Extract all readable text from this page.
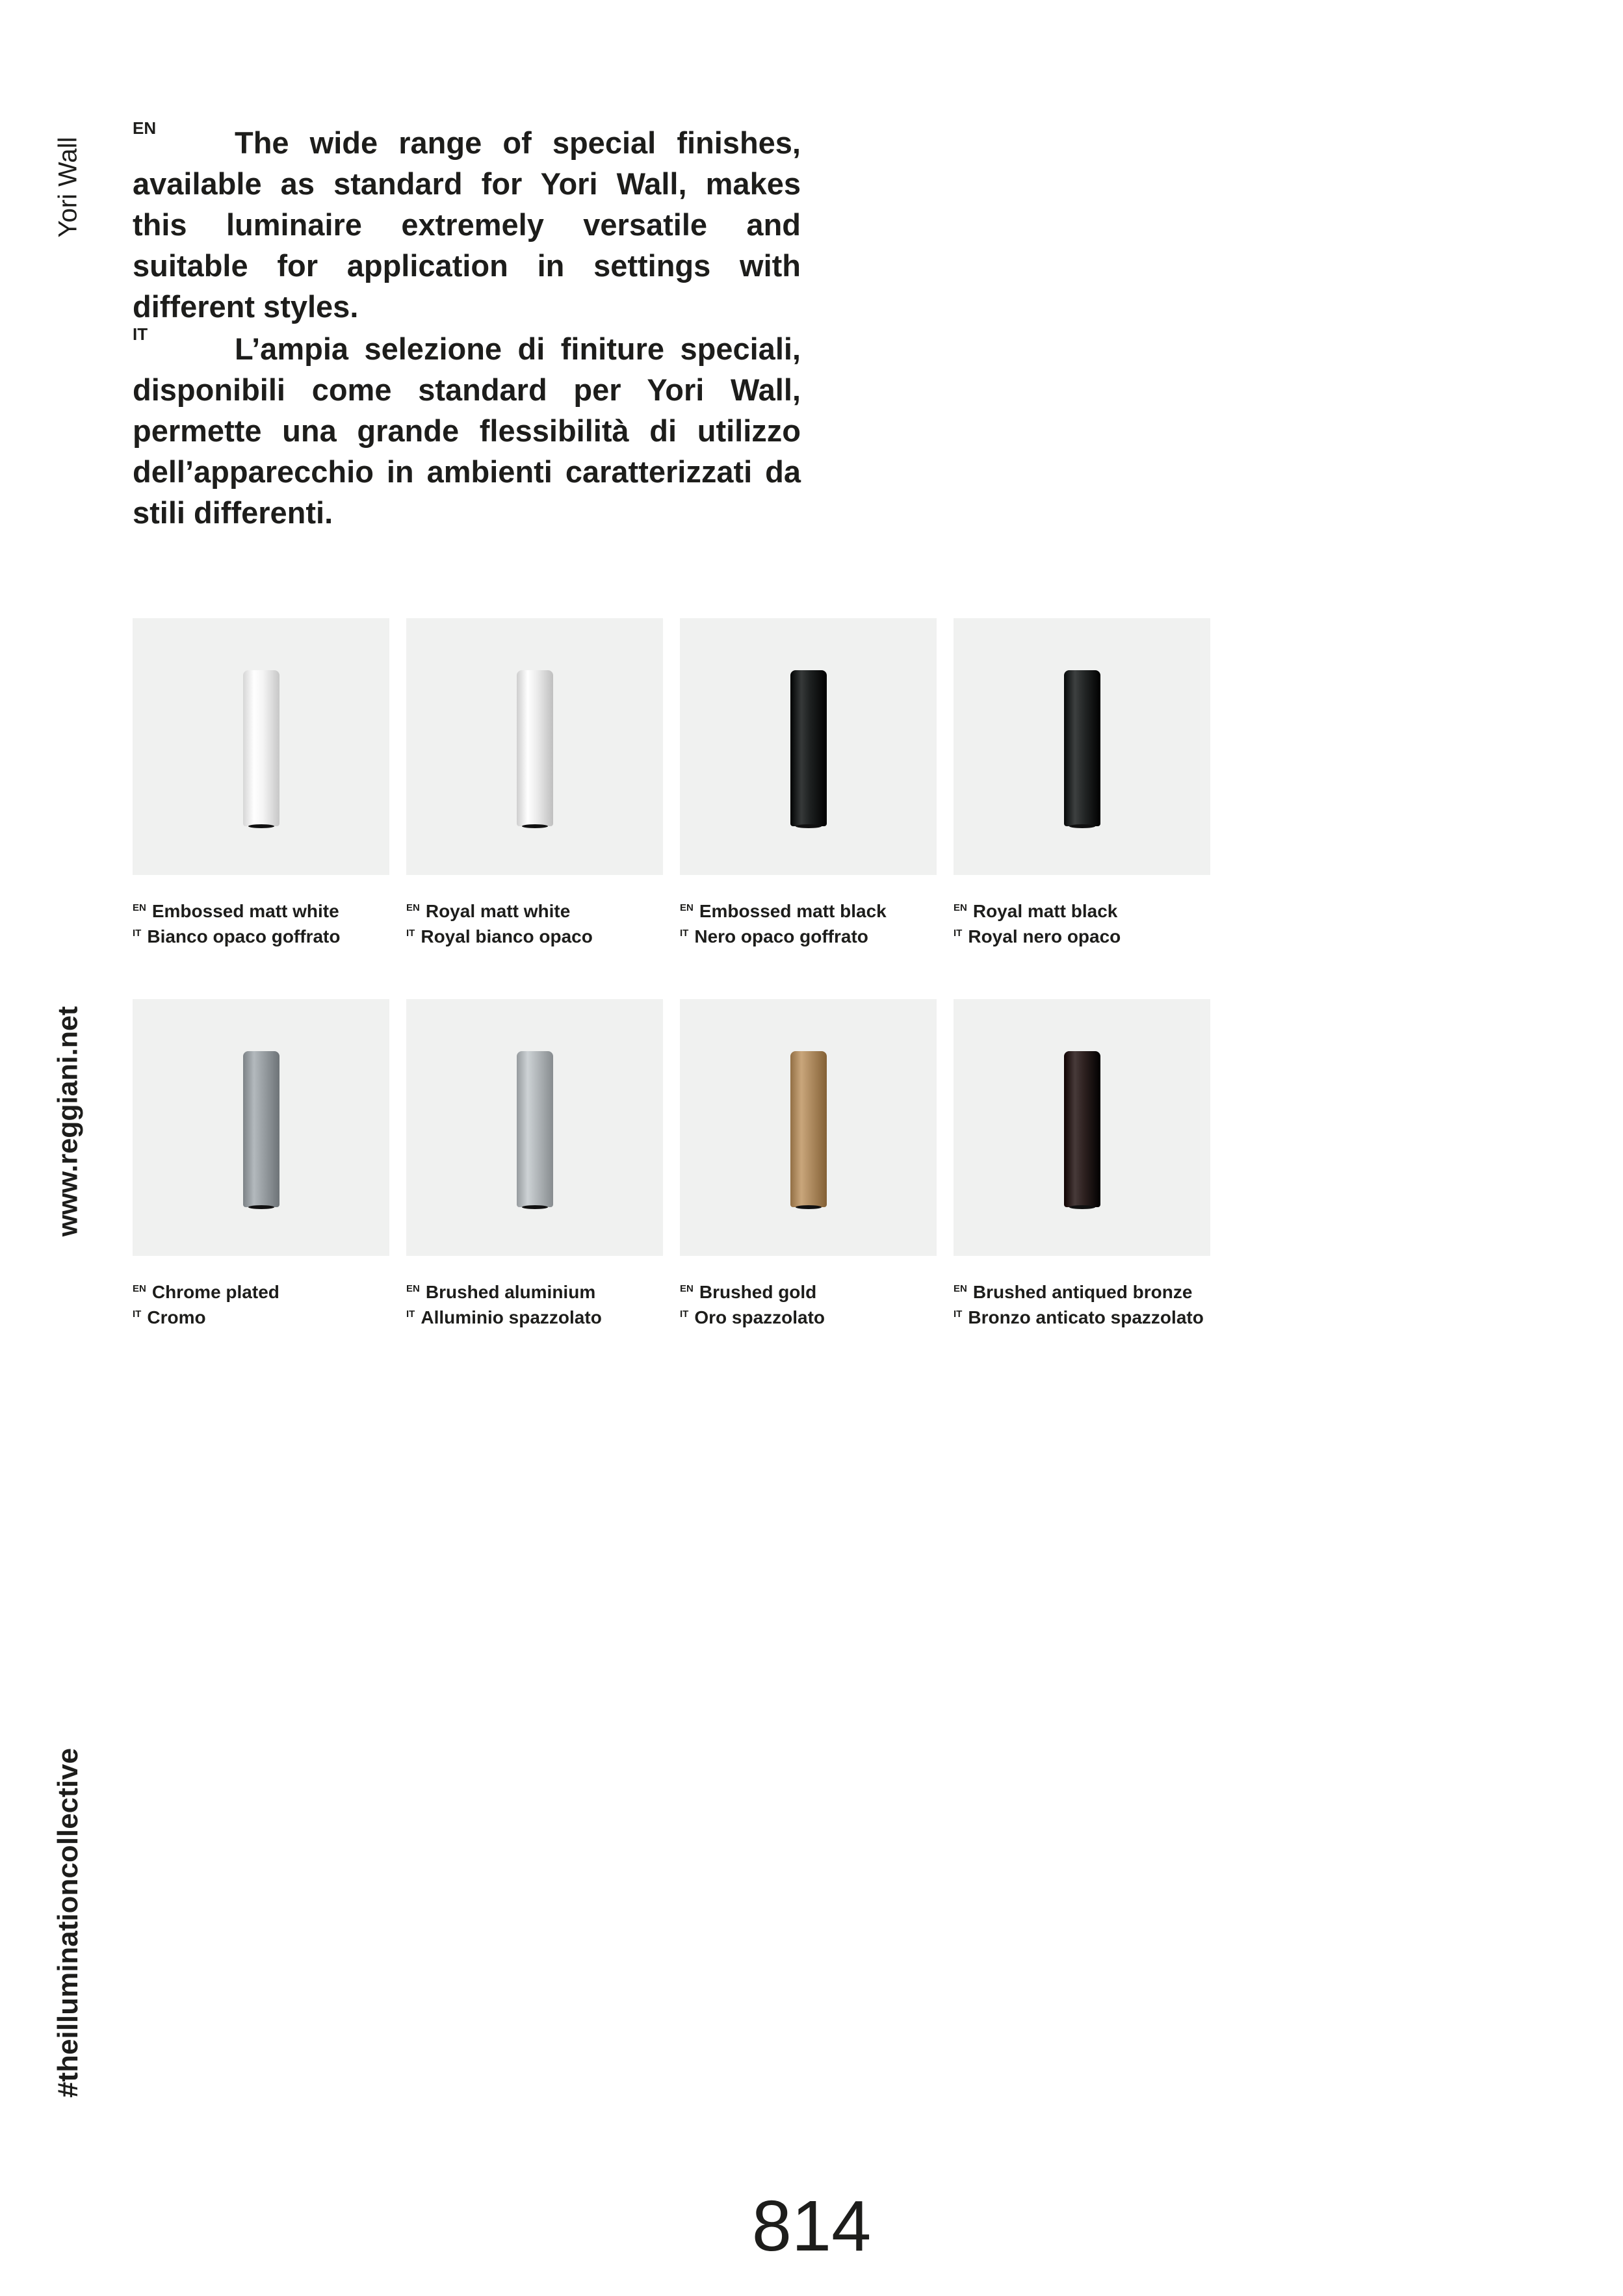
Yori Wall
www.reggiani.net
#theilluminationcollective
EN	The wide range of special finishes, available as standard for Yori Wall, makes this luminaire extremely versatile and suitable for application in settings with different styles.

IT	L’ampia selezione di finiture speciali, disponibili come standard per Yori Wall, permette una grande flessibilità di utilizzo dell’apparecchio in ambienti caratterizzati da stili differenti.

$^{EN}$ Embossed matt white
$^{IT}$ Bianco opaco goffrato
$^{EN}$ Royal matt white
$^{IT}$ Royal bianco opaco
$^{EN}$ Embossed matt black
$^{IT}$ Nero opaco goffrato
$^{EN}$ Royal matt black
$^{IT}$ Royal nero opaco
$^{EN}$ Chrome plated
$^{IT}$ Cromo
$^{EN}$ Brushed aluminium
$^{IT}$ Alluminio spazzolato
$^{EN}$ Brushed gold
$^{IT}$ Oro spazzolato
$^{EN}$ Brushed antiqued bronze
$^{IT}$ Bronzo anticato spazzolato
814
